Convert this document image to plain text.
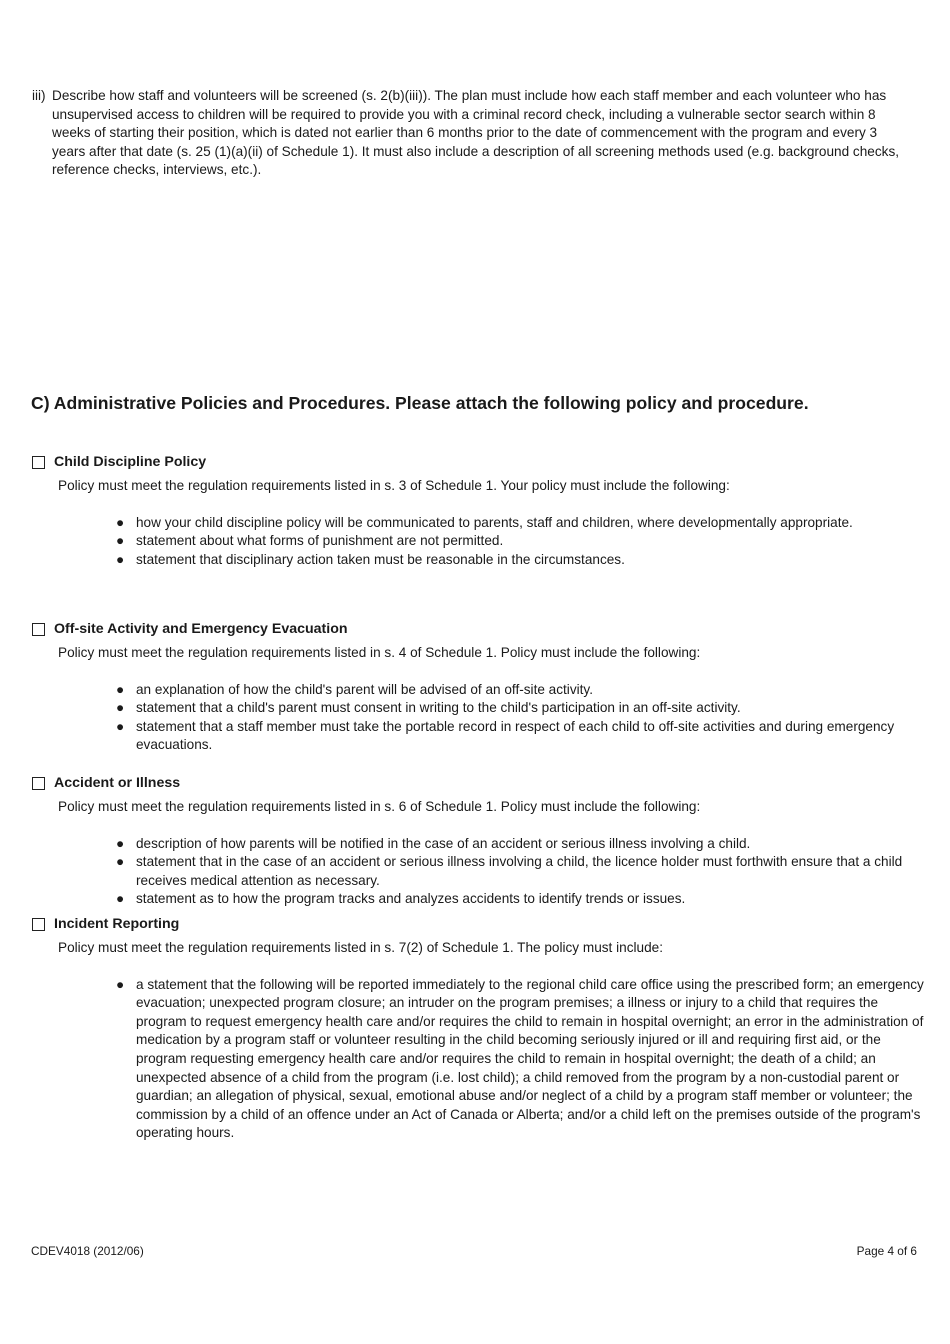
iii) Describe how staff and volunteers will be screened (s. 2(b)(iii)). The plan must include how each staff member and each volunteer who has unsupervised access to children will be required to provide you with a criminal record check, including a vulnerable sector search within 8 weeks of starting their position, which is dated not earlier than 6 months prior to the date of commencement with the program and every 3 years after that date (s. 25 (1)(a)(ii) of Schedule 1). It must also include a description of all screening methods used (e.g. background checks, reference checks, interviews, etc.).
C) Administrative Policies and Procedures. Please attach the following policy and procedure.
Child Discipline Policy
Policy must meet the regulation requirements listed in s. 3 of Schedule 1. Your policy must include the following:
● how your child discipline policy will be communicated to parents, staff and children, where developmentally appropriate.
● statement about what forms of punishment are not permitted.
● statement that disciplinary action taken must be reasonable in the circumstances.
Off-site Activity and Emergency Evacuation
Policy must meet the regulation requirements listed in s. 4 of Schedule 1. Policy must include the following:
● an explanation of how the child's parent will be advised of an off-site activity.
● statement that a child's parent must consent in writing to the child's participation in an off-site activity.
● statement that a staff member must take the portable record in respect of each child to off-site activities and during emergency evacuations.
Accident or Illness
Policy must meet the regulation requirements listed in s. 6 of Schedule 1. Policy must include the following:
● description of how parents will be notified in the case of an accident or serious illness involving a child.
● statement that in the case of an accident or serious illness involving a child, the licence holder must forthwith ensure that a child receives medical attention as necessary.
● statement as to how the program tracks and analyzes accidents to identify trends or issues.
Incident Reporting
Policy must meet the regulation requirements listed in s. 7(2) of Schedule 1. The policy must include:
● a statement that the following will be reported immediately to the regional child care office using the prescribed form; an emergency evacuation; unexpected program closure; an intruder on the program premises; a illness or injury to a child that requires the program to request emergency health care and/or requires the child to remain in hospital overnight; an error in the administration of medication by a program staff or volunteer resulting in the child becoming seriously injured or ill and requiring first aid, or the program requesting emergency health care and/or requires the child to remain in hospital overnight; the death of a child; an unexpected absence of a child from the program (i.e. lost child); a child removed from the program by a non-custodial parent or guardian; an allegation of physical, sexual, emotional abuse and/or neglect of a child by a program staff member or volunteer; the commission by a child of an offence under an Act of Canada or Alberta; and/or a child left on the premises outside of the program's operating hours.
CDEV4018 (2012/06)	Page 4 of 6
